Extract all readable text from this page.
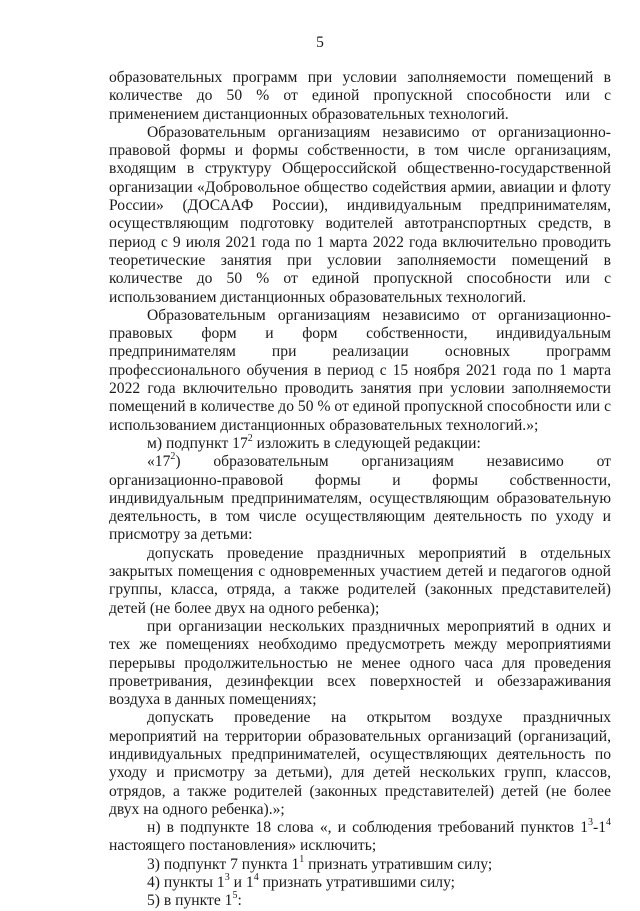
5

образовательных программ при условии заполняемости помещений в количестве до 50 % от единой пропускной способности или с применением дистанционных образовательных технологий.

Образовательным организациям независимо от организационно-правовой формы и формы собственности, в том числе организациям, входящим в структуру Общероссийской общественно-государственной организации «Добровольное общество содействия армии, авиации и флоту России» (ДОСААФ России), индивидуальным предпринимателям, осуществляющим подготовку водителей автотранспортных средств, в период с 9 июля 2021 года по 1 марта 2022 года включительно проводить теоретические занятия при условии заполняемости помещений в количестве до 50 % от единой пропускной способности или с использованием дистанционных образовательных технологий.

Образовательным организациям независимо от организационно-правовых форм и форм собственности, индивидуальным предпринимателям при реализации основных программ профессионального обучения в период с 15 ноября 2021 года по 1 марта 2022 года включительно проводить занятия при условии заполняемости помещений в количестве до 50 % от единой пропускной способности или с использованием дистанционных образовательных технологий.»;

м) подпункт $17^2$ изложить в следующей редакции:

«$17^2$) образовательным организациям независимо от организационно-правовой формы и формы собственности, индивидуальным предпринимателям, осуществляющим образовательную деятельность, в том числе осуществляющим деятельность по уходу и присмотру за детьми:

допускать проведение праздничных мероприятий в отдельных закрытых помещения с одновременных участием детей и педагогов одной группы, класса, отряда, а также родителей (законных представителей) детей (не более двух на одного ребенка);

при организации нескольких праздничных мероприятий в одних и тех же помещениях необходимо предусмотреть между мероприятиями перерывы продолжительностью не менее одного часа для проведения проветривания, дезинфекции всех поверхностей и обеззараживания воздуха в данных помещениях;

допускать проведение на открытом воздухе праздничных мероприятий на территории образовательных организаций (организаций, индивидуальных предпринимателей, осуществляющих деятельность по уходу и присмотру за детьми), для детей нескольких групп, классов, отрядов, а также родителей (законных представителей) детей (не более двух на одного ребенка).»;

н) в подпункте 18 слова «, и соблюдения требований пунктов $1^3-1^4$ настоящего постановления» исключить;

3) подпункт 7 пункта $1^1$ признать утратившим силу;

4) пункты $1^3$ и $1^4$ признать утратившими силу;

5) в пункте $1^5$:
